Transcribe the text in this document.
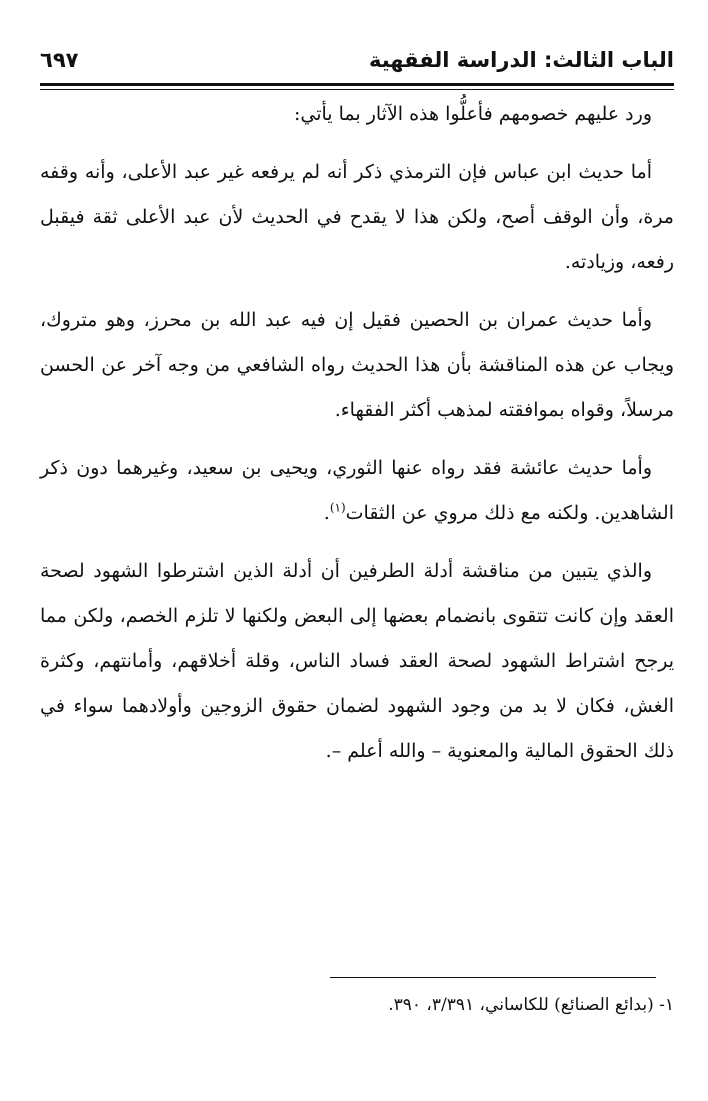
الباب الثالث: الدراسة الفقهية
٦٩٧

ورد عليهم خصومهم فأعلُّوا هذه الآثار بما يأتي:

أما حديث ابن عباس فإن الترمذي ذكر أنه لم يرفعه غير عبد الأعلى، وأنه وقفه مرة، وأن الوقف أصح، ولكن هذا لا يقدح في الحديث لأن عبد الأعلى ثقة فيقبل رفعه، وزيادته.

وأما حديث عمران بن الحصين فقيل إن فيه عبد الله بن محرز، وهو متروك، ويجاب عن هذه المناقشة بأن هذا الحديث رواه الشافعي من وجه آخر عن الحسن مرسلاً، وقواه بموافقته لمذهب أكثر الفقهاء.

وأما حديث عائشة فقد رواه عنها الثوري، ويحيى بن سعيد، وغيرهما دون ذكر الشاهدين. ولكنه مع ذلك مروي عن الثقات$^{(١)}$.

والذي يتبين من مناقشة أدلة الطرفين أن أدلة الذين اشترطوا الشهود لصحة العقد وإن كانت تتقوى بانضمام بعضها إلى البعض ولكنها لا تلزم الخصم، ولكن مما يرجح اشتراط الشهود لصحة العقد فساد الناس، وقلة أخلاقهم، وأمانتهم، وكثرة الغش، فكان لا بد من وجود الشهود لضمان حقوق الزوجين وأولادهما سواء في ذلك الحقوق المالية والمعنوية – والله أعلم –.

١- (بدائع الصنائع) للكاساني، ٣/٣٩١، ٣٩٠.
